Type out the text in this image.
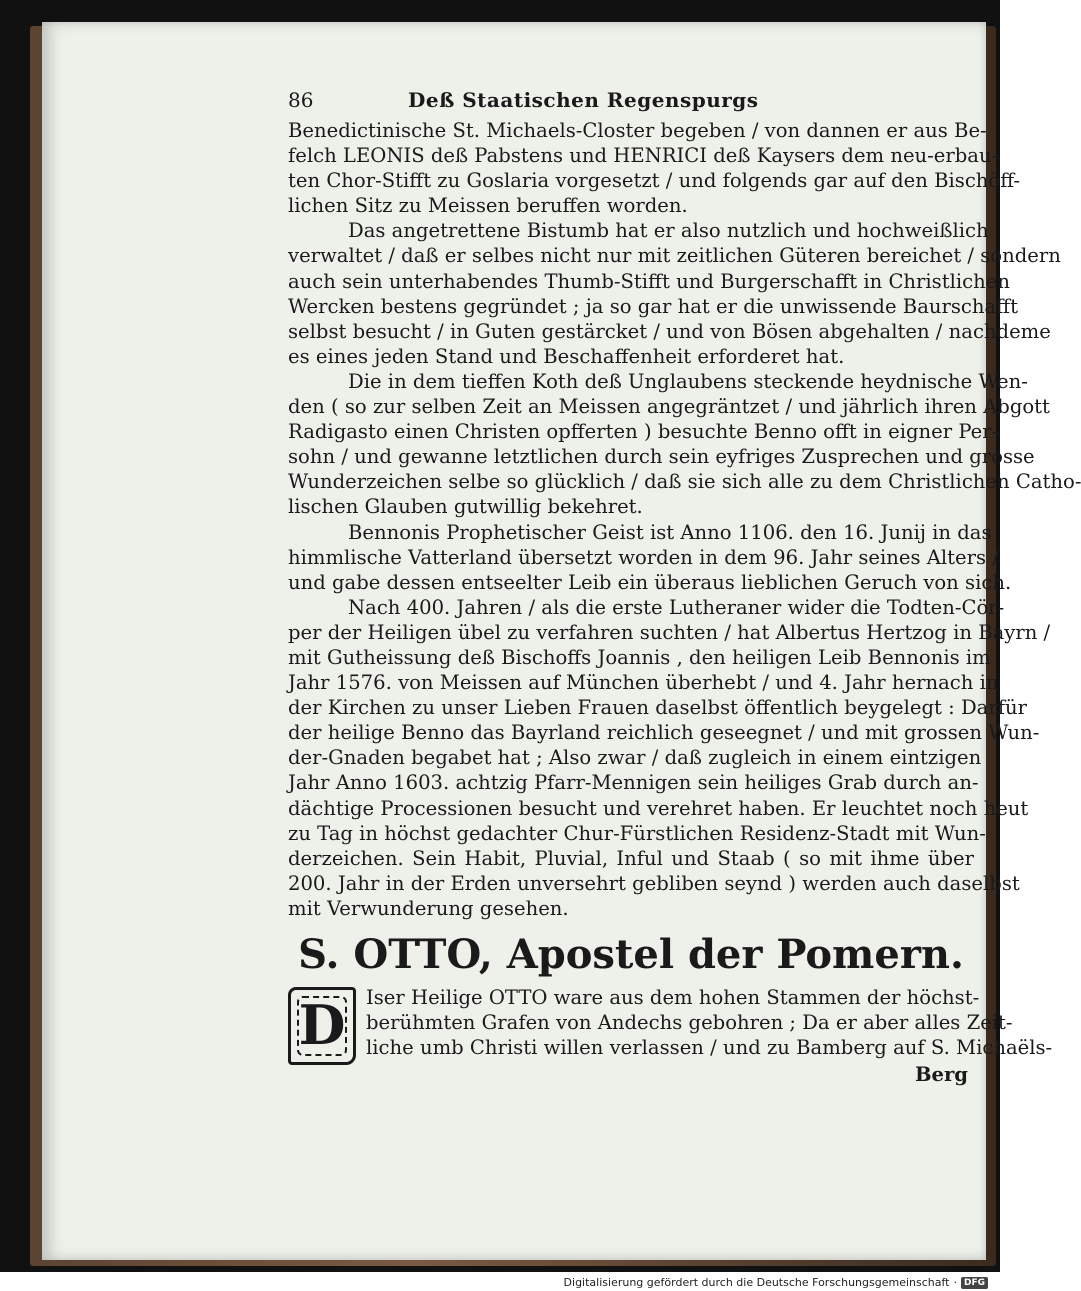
86	Deß Staatischen Regenspurgs

Benedictinische St. Michaels-Closter begeben / von dannen er aus Be-
felch LEONIS deß Pabstens und HENRICI deß Kaysers dem neu-erbau-
ten Chor-Stifft zu Goslaria vorgesetzt / und folgends gar auf den Bischöff-
lichen Sitz zu Meissen beruffen worden.

Das angetrettene Bistumb hat er also nutzlich und hochweißlich
verwaltet / daß er selbes nicht nur mit zeitlichen Güteren bereichet / sondern
auch sein unterhabendes Thumb-Stifft und Burgerschafft in Christlichen
Wercken bestens gegründet ; ja so gar hat er die unwissende Baurschafft
selbst besucht / in Guten gestärcket / und von Bösen abgehalten / nachdeme
es eines jeden Stand und Beschaffenheit erforderet hat.

Die in dem tieffen Koth deß Unglaubens steckende heydnische Wen-
den ( so zur selben Zeit an Meissen angegräntzet / und jährlich ihren Abgott
Radigasto einen Christen opfferten ) besuchte Benno offt in eigner Per-
sohn / und gewanne letztlichen durch sein eyfriges Zusprechen und grosse
Wunderzeichen selbe so glücklich / daß sie sich alle zu dem Christlichen Catho-
lischen Glauben gutwillig bekehret.

Bennonis Prophetischer Geist ist Anno 1106. den 16. Junij in das
himmlische Vatterland übersetzt worden in dem 96. Jahr seines Alters /
und gabe dessen entseelter Leib ein überaus lieblichen Geruch von sich.

Nach 400. Jahren / als die erste Lutheraner wider die Todten-Cör-
per der Heiligen übel zu verfahren suchten / hat Albertus Hertzog in Bayrn /
mit Gutheissung deß Bischoffs Joannis , den heiligen Leib Bennonis im
Jahr 1576. von Meissen auf München überhebt / und 4. Jahr hernach in
der Kirchen zu unser Lieben Frauen daselbst öffentlich beygelegt : Darfür
der heilige Benno das Bayrland reichlich geseegnet / und mit grossen Wun-
der-Gnaden begabet hat ; Also zwar / daß zugleich in einem eintzigen
Jahr Anno 1603. achtzig Pfarr-Mennigen sein heiliges Grab durch an-
dächtige Processionen besucht und verehret haben. Er leuchtet noch heut
zu Tag in höchst gedachter Chur-Fürstlichen Residenz-Stadt mit Wun-
derzeichen. Sein Habit, Pluvial, Inful und Staab ( so mit ihme über
200. Jahr in der Erden unversehrt gebliben seynd ) werden auch daselbst
mit Verwunderung gesehen.

S. OTTO, Apostel der Pomern.
D	Iser Heilige OTTO ware aus dem hohen Stammen der höchst-
berühmten Grafen von Andechs gebohren ; Da er aber alles Zeit-
liche umb Christi willen verlassen / und zu Bamberg auf S. Michaëls-
Berg
Digitalisierung gefördert durch die Deutsche Forschungsgemeinschaft · DFG
